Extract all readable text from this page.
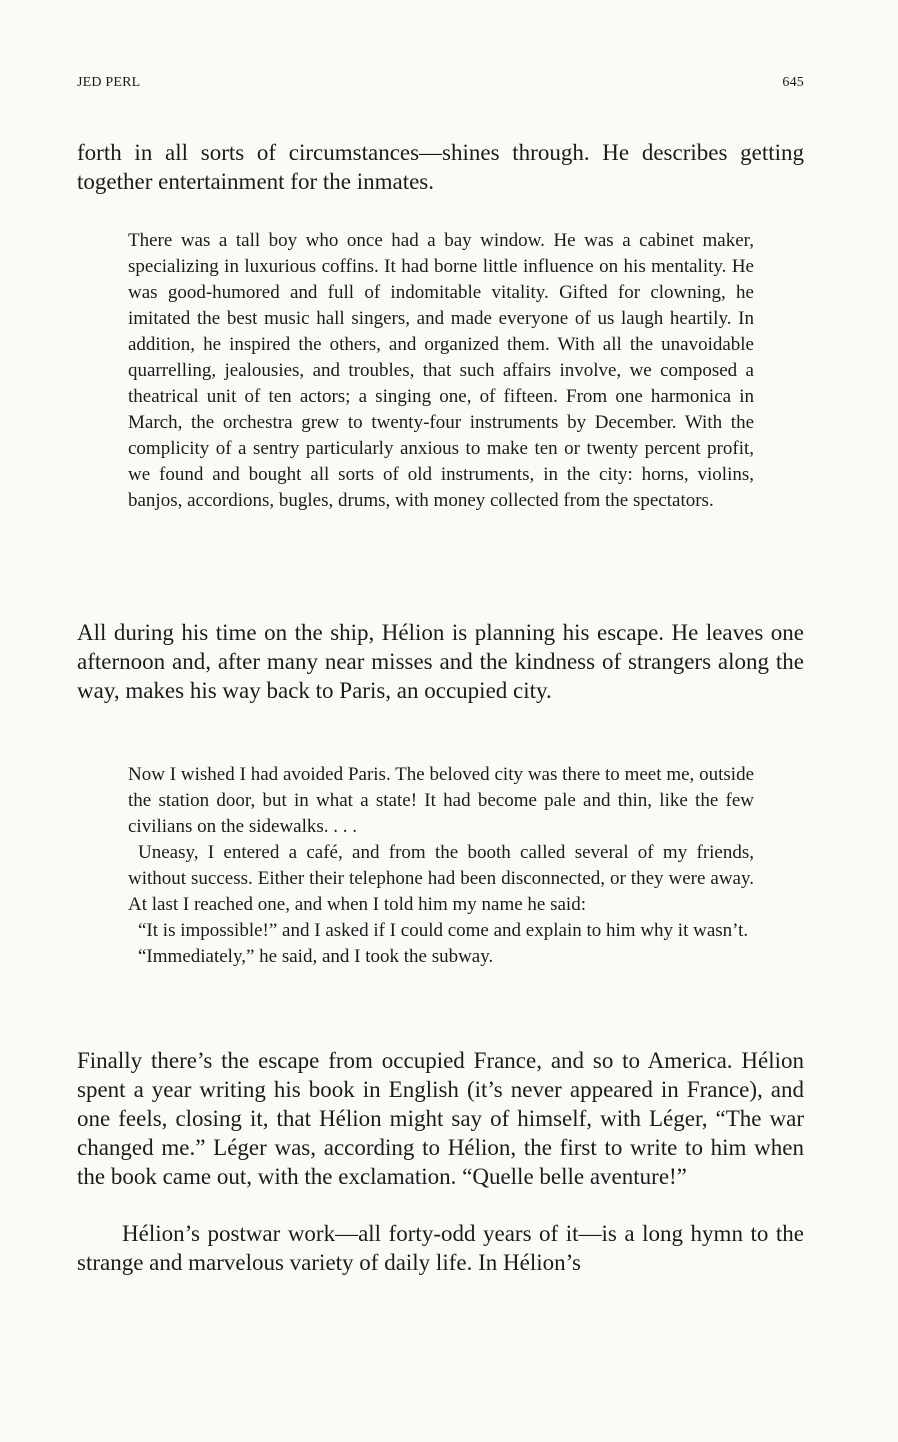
JED PERL	645

forth in all sorts of circumstances—shines through. He describes getting together entertainment for the inmates.

There was a tall boy who once had a bay window. He was a cabinet maker, specializing in luxurious coffins. It had borne little influence on his mentality. He was good-humored and full of indomitable vitality. Gifted for clowning, he imitated the best music hall singers, and made everyone of us laugh heartily. In addition, he inspired the others, and organized them. With all the unavoidable quarrelling, jealousies, and troubles, that such affairs involve, we composed a theatrical unit of ten actors; a singing one, of fifteen. From one harmonica in March, the orchestra grew to twenty-four instruments by December. With the complicity of a sentry particularly anxious to make ten or twenty percent profit, we found and bought all sorts of old instruments, in the city: horns, violins, banjos, accordions, bugles, drums, with money collected from the spectators.

All during his time on the ship, Hélion is planning his escape. He leaves one afternoon and, after many near misses and the kindness of strangers along the way, makes his way back to Paris, an occupied city.

Now I wished I had avoided Paris. The beloved city was there to meet me, outside the station door, but in what a state! It had become pale and thin, like the few civilians on the sidewalks. . . .

Uneasy, I entered a café, and from the booth called several of my friends, without success. Either their telephone had been disconnected, or they were away. At last I reached one, and when I told him my name he said:

“It is impossible!” and I asked if I could come and explain to him why it wasn’t.

“Immediately,” he said, and I took the subway.

Finally there’s the escape from occupied France, and so to America. Hélion spent a year writing his book in English (it’s never appeared in France), and one feels, closing it, that Hélion might say of himself, with Léger, “The war changed me.” Léger was, according to Hélion, the first to write to him when the book came out, with the exclamation. “Quelle belle aventure!”

Hélion’s postwar work—all forty-odd years of it—is a long hymn to the strange and marvelous variety of daily life. In Hélion’s
